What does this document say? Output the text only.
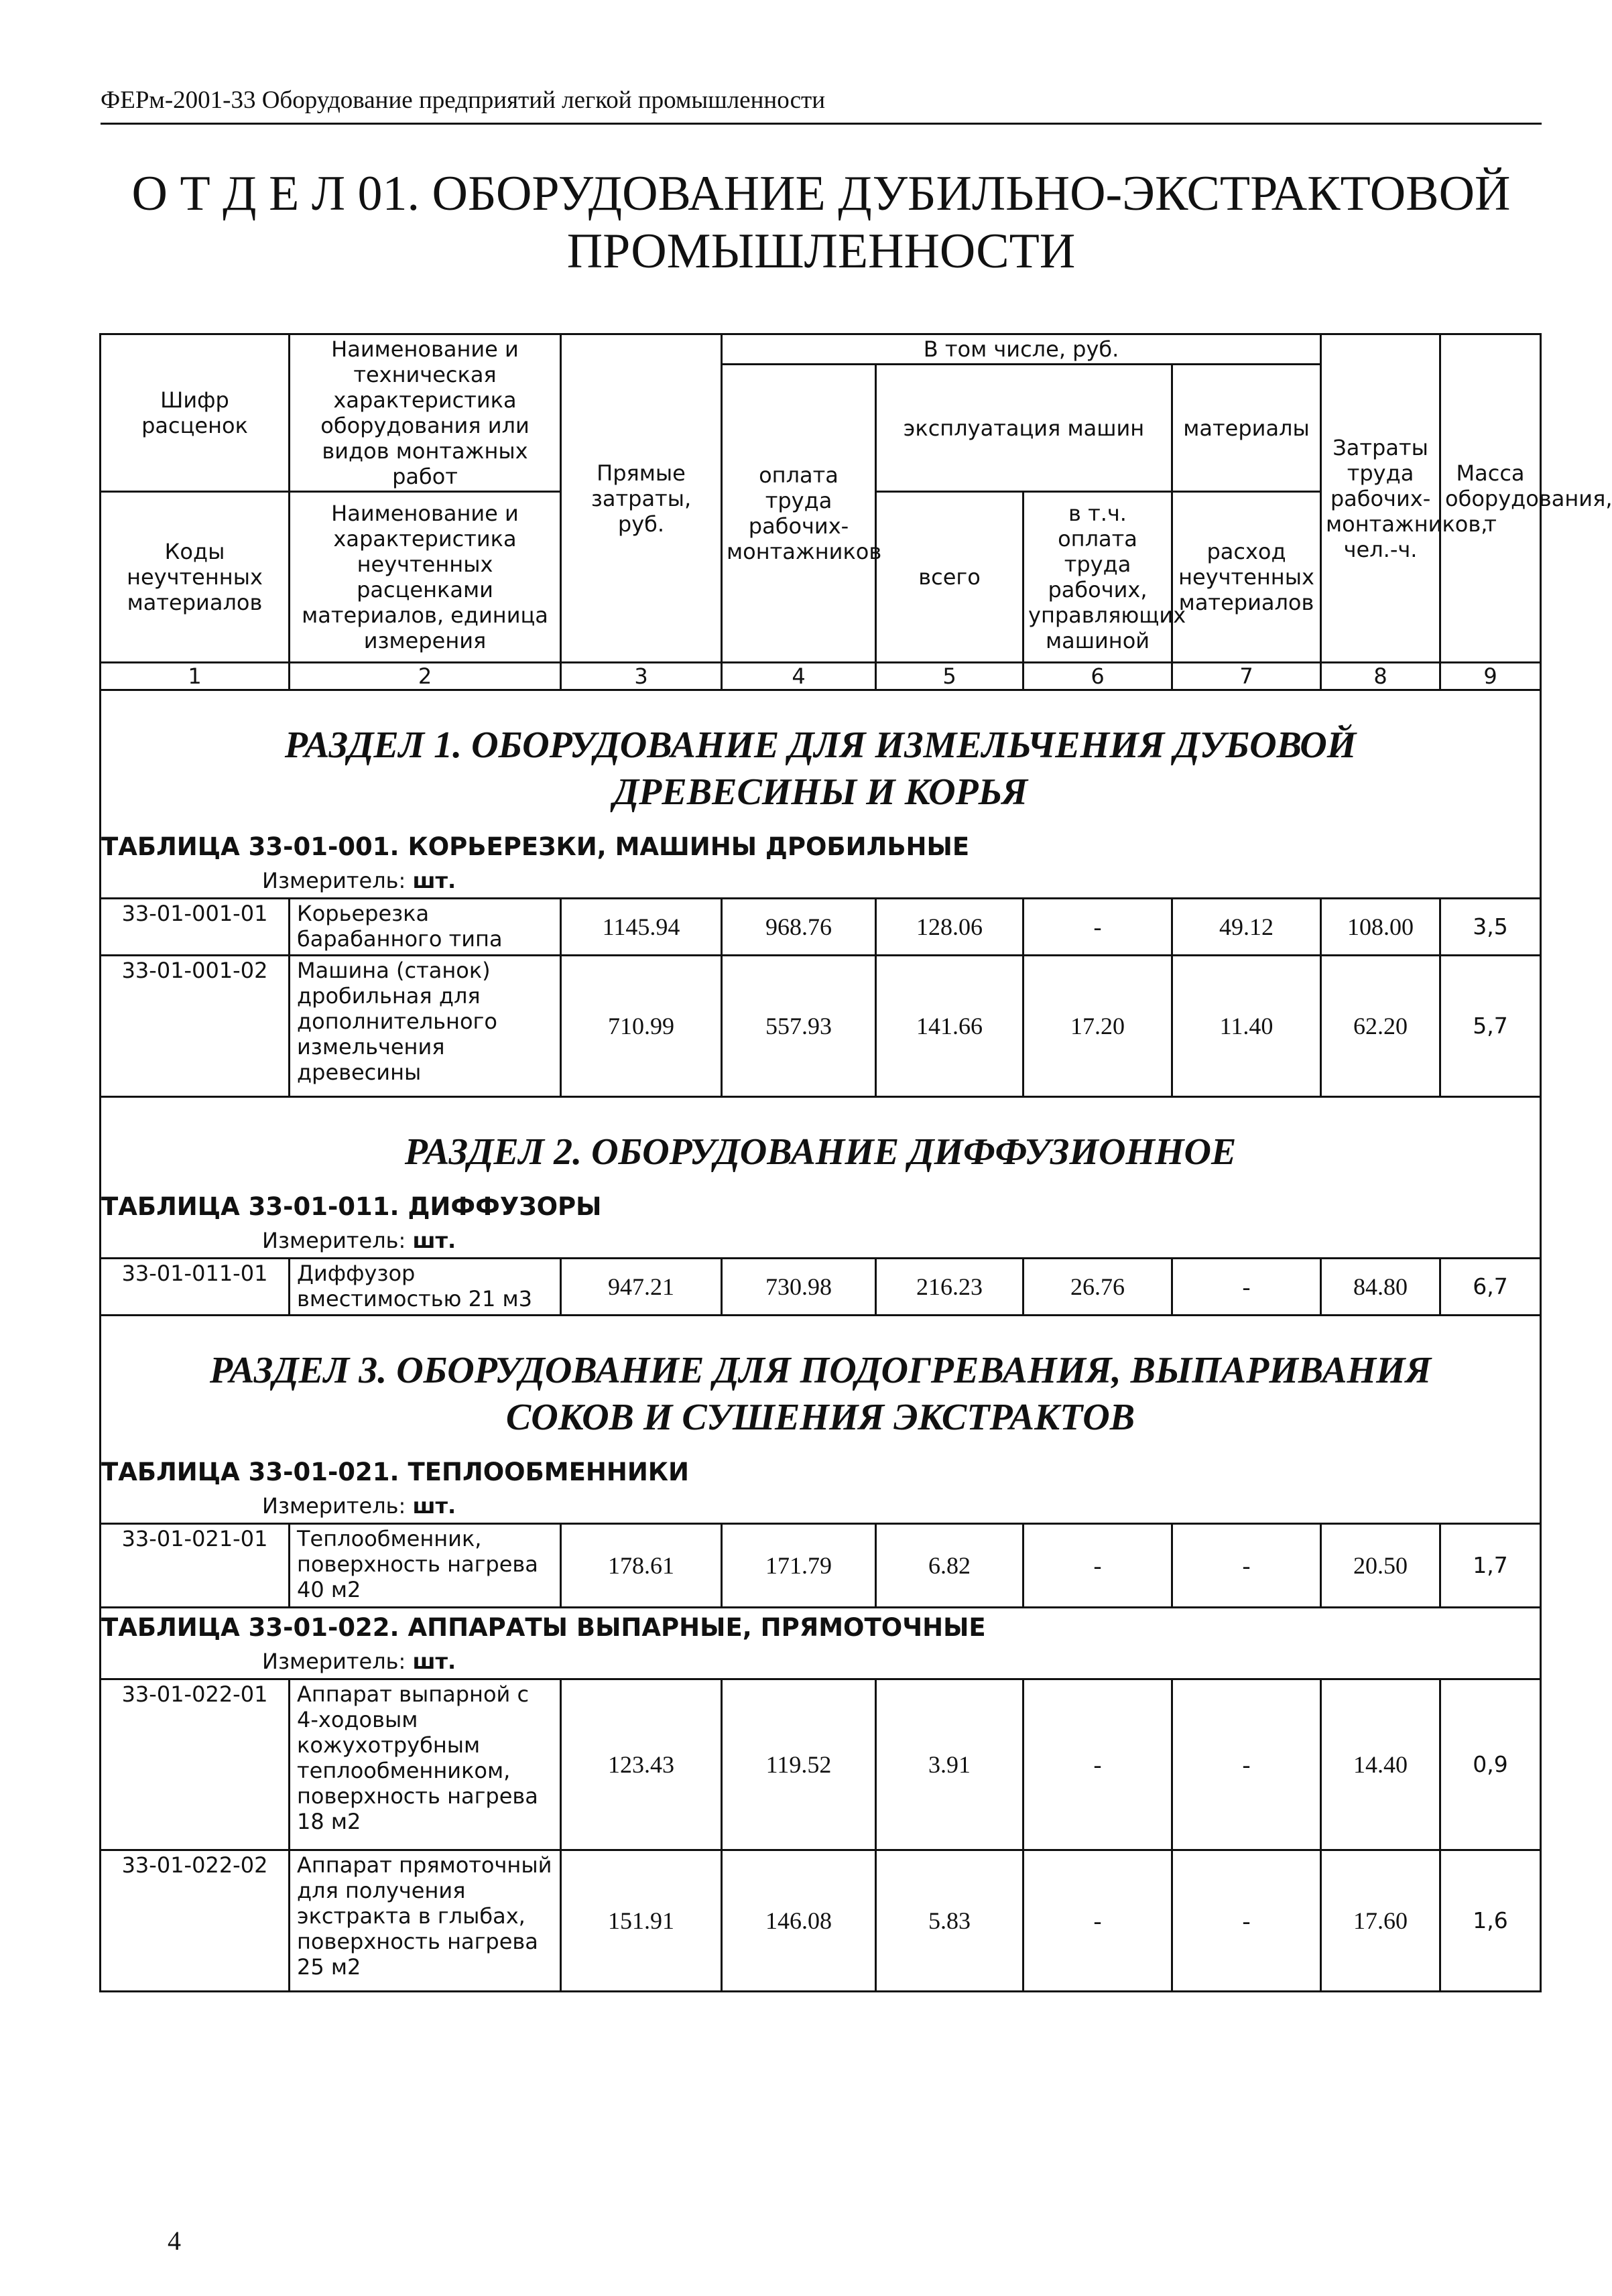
ФЕРм-2001-33 Оборудование предприятий легкой промышленности
О Т Д Е Л 01. ОБОРУДОВАНИЕ ДУБИЛЬНО-ЭКСТРАКТОВОЙ
ПРОМЫШЛЕННОСТИ
Шифр расценок	Наименование и техническая характеристика оборудования или видов монтажных работ	Прямые затраты, руб.	В том числе, руб.				Затраты труда рабочих-монтажников, чел.-ч.	Масса оборудования, т
			оплата труда рабочих-монтажников	эксплуатация машин		материалы		
Коды неучтенных материалов	Наименование и характеристика неучтенных расценками материалов, единица измерения			всего	в т.ч. оплата труда рабочих, управляющих машиной	расход неучтенных материалов		

1	2	3	4	5	6	7	8	9

РАЗДЕЛ 1. ОБОРУДОВАНИЕ ДЛЯ ИЗМЕЛЬЧЕНИЯ ДУБОВОЙ
ДРЕВЕСИНЫ И КОРЬЯ
ТАБЛИЦА 33-01-001. КОРЬЕРЕЗКИ, МАШИНЫ ДРОБИЛЬНЫЕ
Измеритель: шт.								

33-01-001-01	Корьерезка барабанного типа	1145.94	968.76	128.06	-	49.12	108.00	3,5
33-01-001-02	Машина (станок) дробильная для дополнительного измельчения древесины	710.99	557.93	141.66	17.20	11.40	62.20	5,7

РАЗДЕЛ 2. ОБОРУДОВАНИЕ ДИФФУЗИОННОЕ
ТАБЛИЦА 33-01-011. ДИФФУЗОРЫ
Измеритель: шт.								

33-01-011-01	Диффузор вместимостью 21 м3	947.21	730.98	216.23	26.76	-	84.80	6,7

РАЗДЕЛ 3. ОБОРУДОВАНИЕ ДЛЯ ПОДОГРЕВАНИЯ, ВЫПАРИВАНИЯ
СОКОВ И СУШЕНИЯ ЭКСТРАКТОВ
ТАБЛИЦА 33-01-021. ТЕПЛООБМЕННИКИ
Измеритель: шт.								

33-01-021-01	Теплообменник, поверхность нагрева 40 м2	178.61	171.79	6.82	-	-	20.50	1,7

ТАБЛИЦА 33-01-022. АППАРАТЫ ВЫПАРНЫЕ, ПРЯМОТОЧНЫЕ
Измеритель: шт.								

33-01-022-01	Аппарат выпарной с 4-ходовым кожухотрубным теплообменником, поверхность нагрева 18 м2	123.43	119.52	3.91	-	-	14.40	0,9
33-01-022-02	Аппарат прямоточный для получения экстракта в глыбах, поверхность нагрева 25 м2	151.91	146.08	5.83	-	-	17.60	1,6
4
